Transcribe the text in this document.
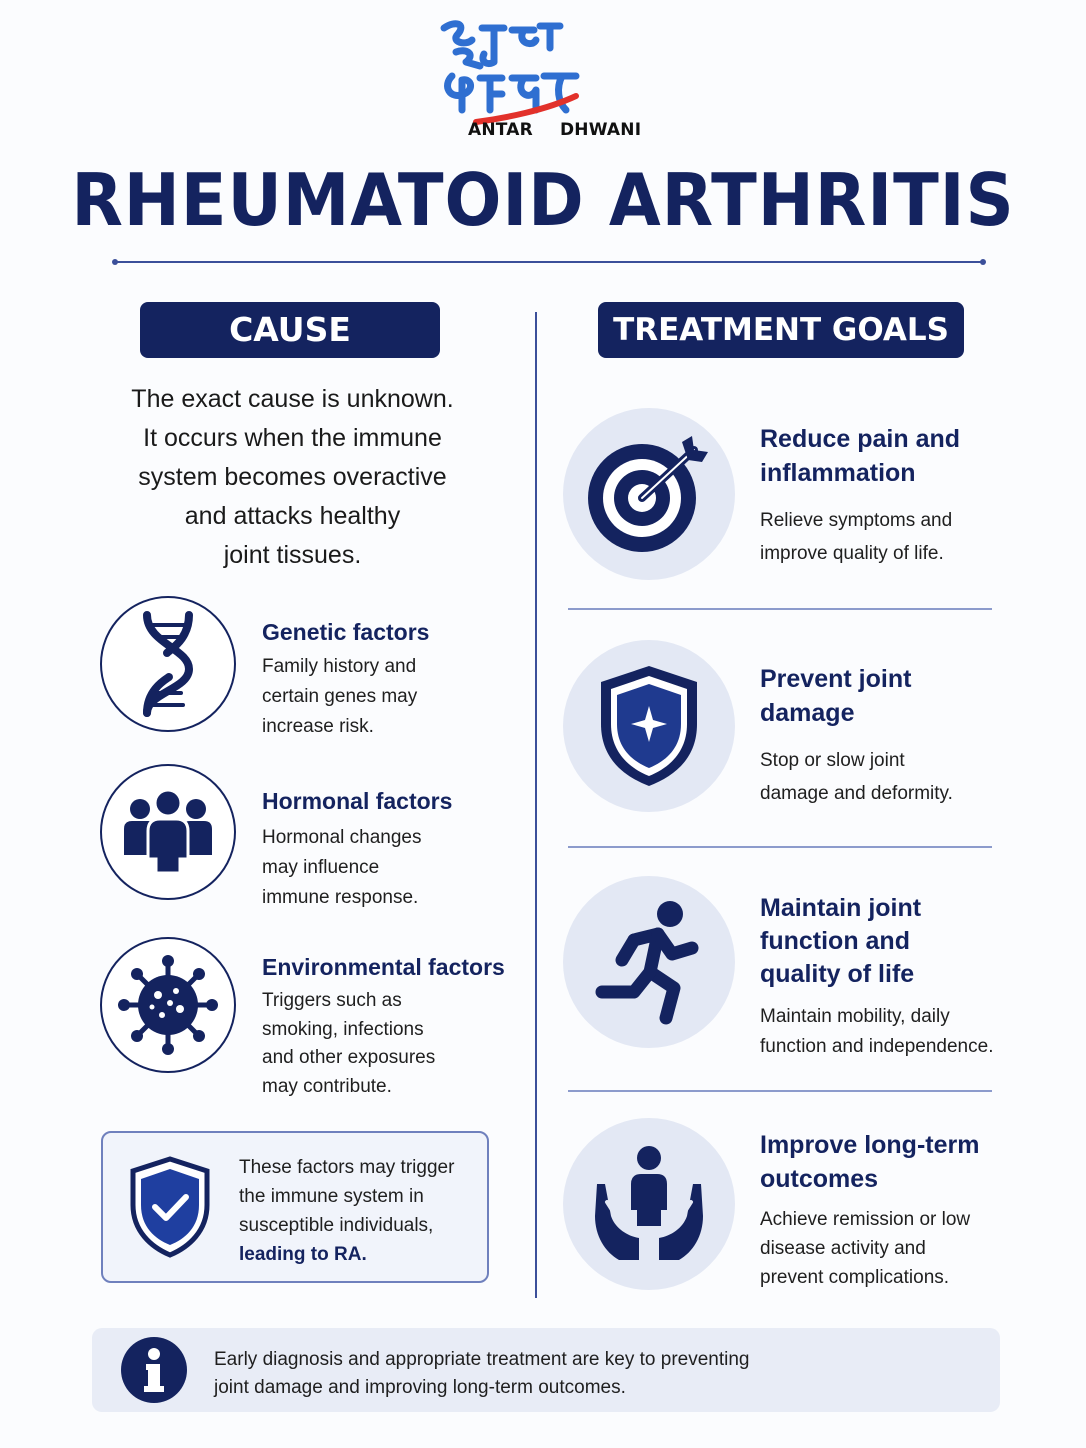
ANTAR DHWANI
RHEUMATOID ARTHRITIS
CAUSE	TREATMENT GOALS
The exact cause is unknown.
It occurs when the immune
system becomes overactive
and attacks healthy
joint tissues.
Genetic factors
Family history and
certain genes may
increase risk.
Hormonal factors
Hormonal changes
may influence
immune response.
Environmental factors
Triggers such as
smoking, infections
and other exposures
may contribute.
These factors may trigger
the immune system in
susceptible individuals,
leading to RA.
Reduce pain and
inflammation
Relieve symptoms and
improve quality of life.
Prevent joint
damage
Stop or slow joint
damage and deformity.
Maintain joint
function and
quality of life
Maintain mobility, daily
function and independence.
Improve long-term
outcomes
Achieve remission or low
disease activity and
prevent complications.
Early diagnosis and appropriate treatment are key to preventing
joint damage and improving long-term outcomes.
